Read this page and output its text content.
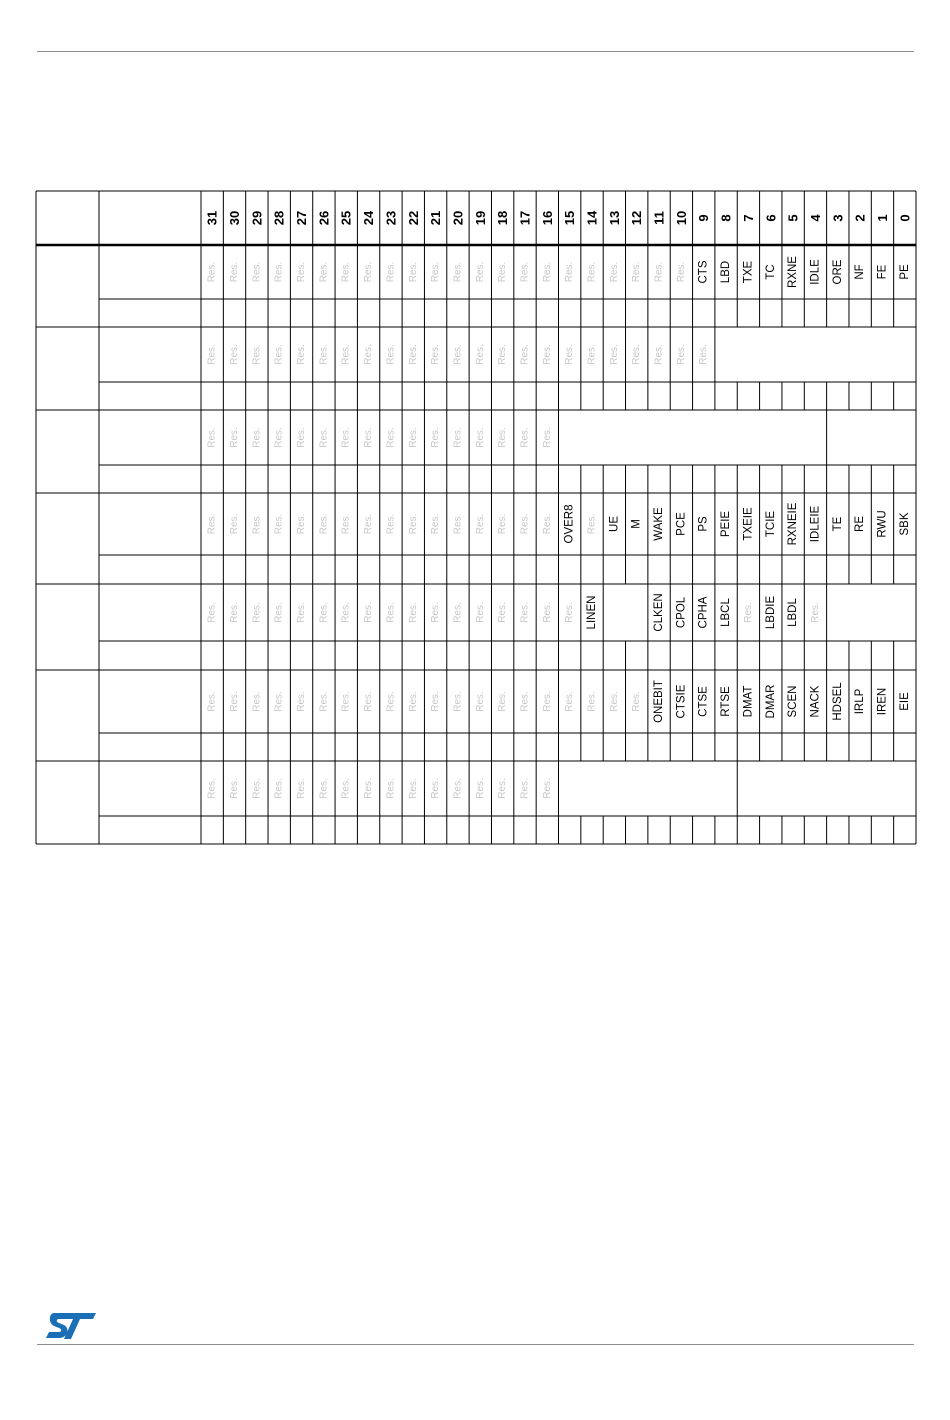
31 30 29 28 27 26 25 24 23 22 21 20 19 18 17 16 15 14 13 12 11 10 9 8 7 6 5 4 3 2 1 0
Res. Res. Res. Res. Res. Res. Res. Res. Res. Res. Res. Res. Res. Res. Res. Res. Res. Res. Res. Res. Res. Res. CTS LBD TXE TC RXNE IDLE ORE NF FE PE
Res. Res. Res. Res. Res. Res. Res. Res. Res. Res. Res. Res. Res. Res. Res. Res. Res. Res. Res. Res. Res. Res. Res.
Res. Res. Res. Res. Res. Res. Res. Res. Res. Res. Res. Res. Res. Res. Res. Res.
Res. Res. Res. Res. Res. Res. Res. Res. Res. Res. Res. Res. Res. Res. Res. Res. OVER8 Res. UE M WAKE PCE PS PEIE TXEIE TCIE RXNEIE IDLEIE TE RE RWU SBK
Res. Res. Res. Res. Res. Res. Res. Res. Res. Res. Res. Res. Res. Res. Res. Res. Res. LINEN	CLKEN CPOL CPHA LBCL Res. LBDIE LBDL Res.
Res. Res. Res. Res. Res. Res. Res. Res. Res. Res. Res. Res. Res. Res. Res. Res. Res. Res. Res. Res. ONEBIT CTSIE CTSE RTSE DMAT DMAR SCEN NACK HDSEL IRLP IREN EIE
Res. Res. Res. Res. Res. Res. Res. Res. Res. Res. Res. Res. Res. Res. Res. Res.
